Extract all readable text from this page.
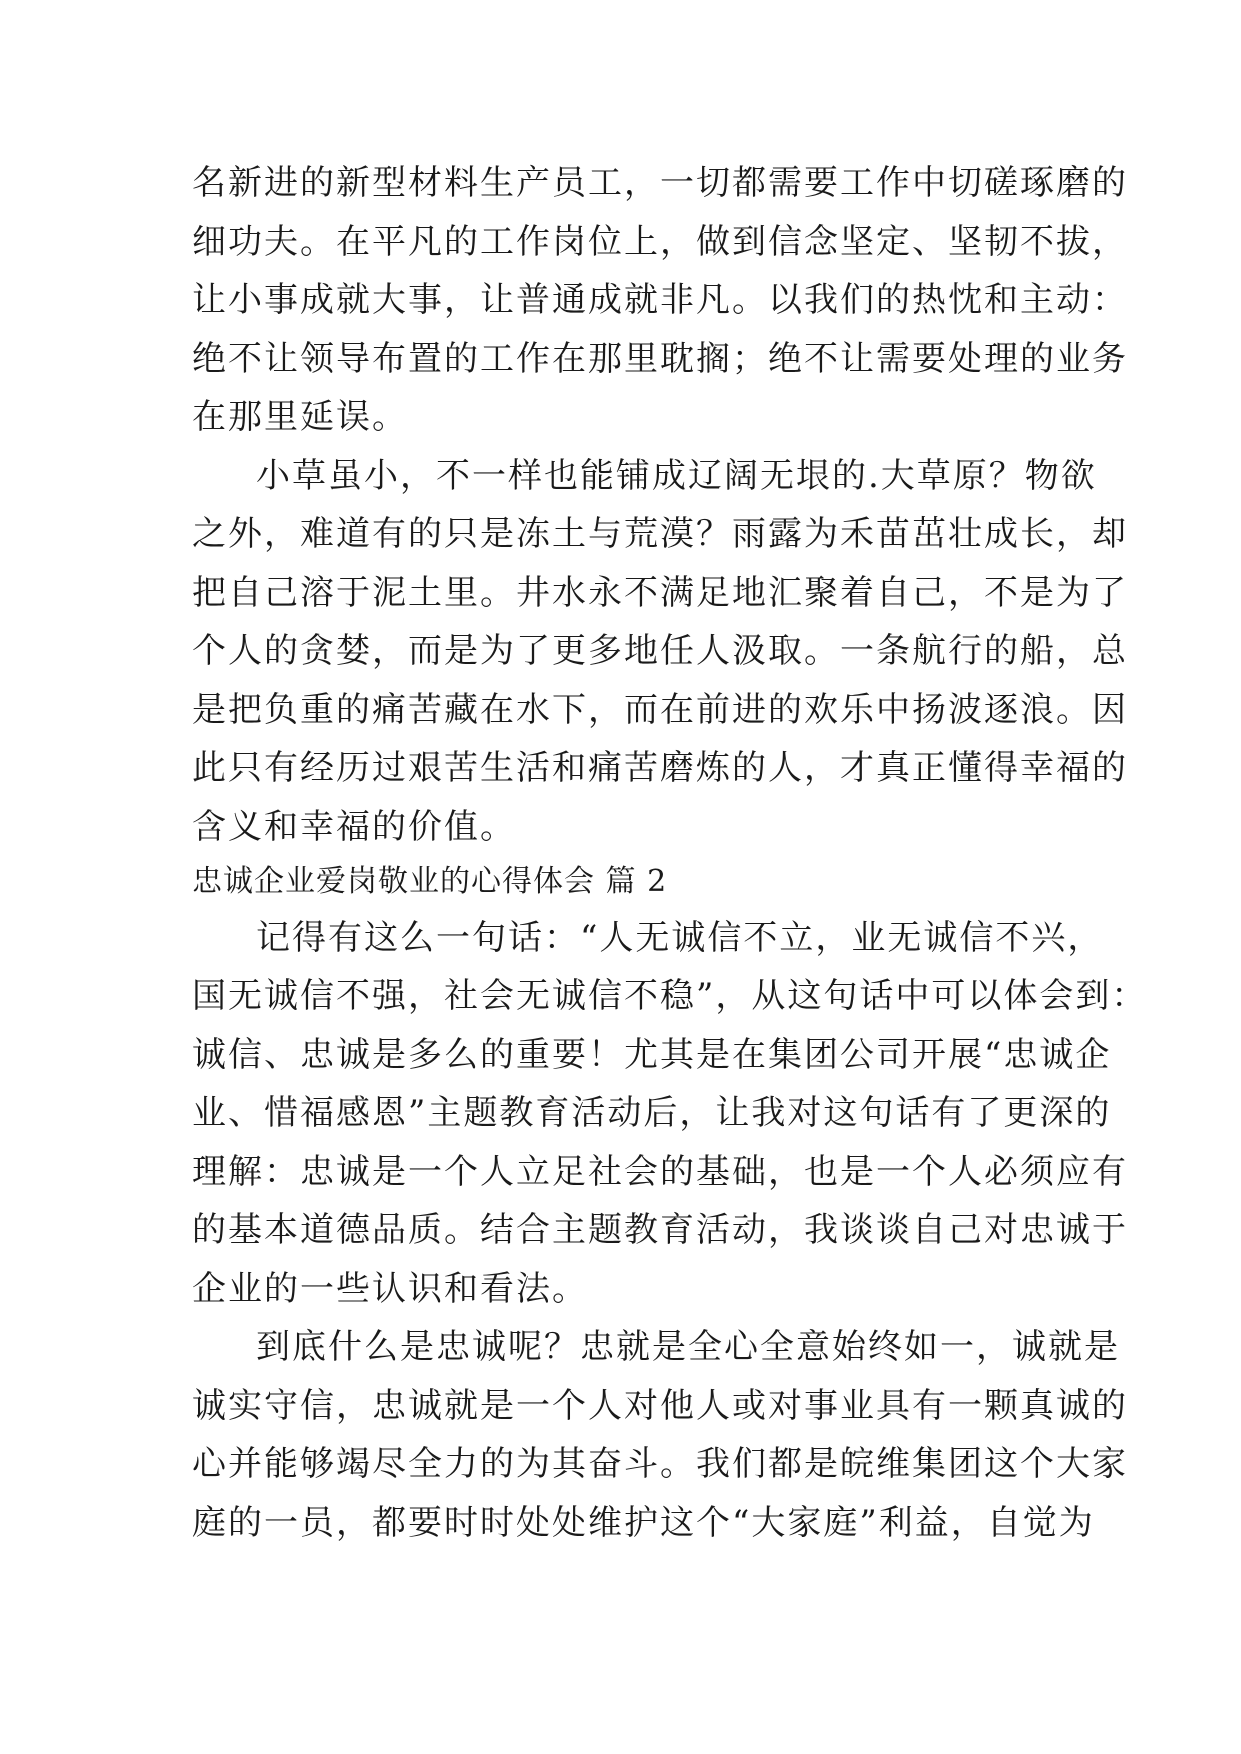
名新进的新型材料生产员工，一切都需要工作中切磋琢磨的

细功夫。在平凡的工作岗位上，做到信念坚定、坚韧不拔，

让小事成就大事，让普通成就非凡。以我们的热忱和主动：

绝不让领导布置的工作在那里耽搁；绝不让需要处理的业务

在那里延误。

小草虽小，不一样也能铺成辽阔无垠的.大草原？物欲

之外，难道有的只是冻土与荒漠？雨露为禾苗茁壮成长，却

把自己溶于泥土里。井水永不满足地汇聚着自己，不是为了

个人的贪婪，而是为了更多地任人汲取。一条航行的船，总

是把负重的痛苦藏在水下，而在前进的欢乐中扬波逐浪。因

此只有经历过艰苦生活和痛苦磨炼的人，才真正懂得幸福的

含义和幸福的价值。

忠诚企业爱岗敬业的心得体会 篇 2

记得有这么一句话：“人无诚信不立，业无诚信不兴，

国无诚信不强，社会无诚信不稳”，从这句话中可以体会到：

诚信、忠诚是多么的重要！尤其是在集团公司开展“忠诚企

业、惜福感恩”主题教育活动后，让我对这句话有了更深的

理解：忠诚是一个人立足社会的基础，也是一个人必须应有

的基本道德品质。结合主题教育活动，我谈谈自己对忠诚于

企业的一些认识和看法。

到底什么是忠诚呢？忠就是全心全意始终如一，诚就是

诚实守信，忠诚就是一个人对他人或对事业具有一颗真诚的

心并能够竭尽全力的为其奋斗。我们都是皖维集团这个大家

庭的一员，都要时时处处维护这个“大家庭”利益，自觉为
